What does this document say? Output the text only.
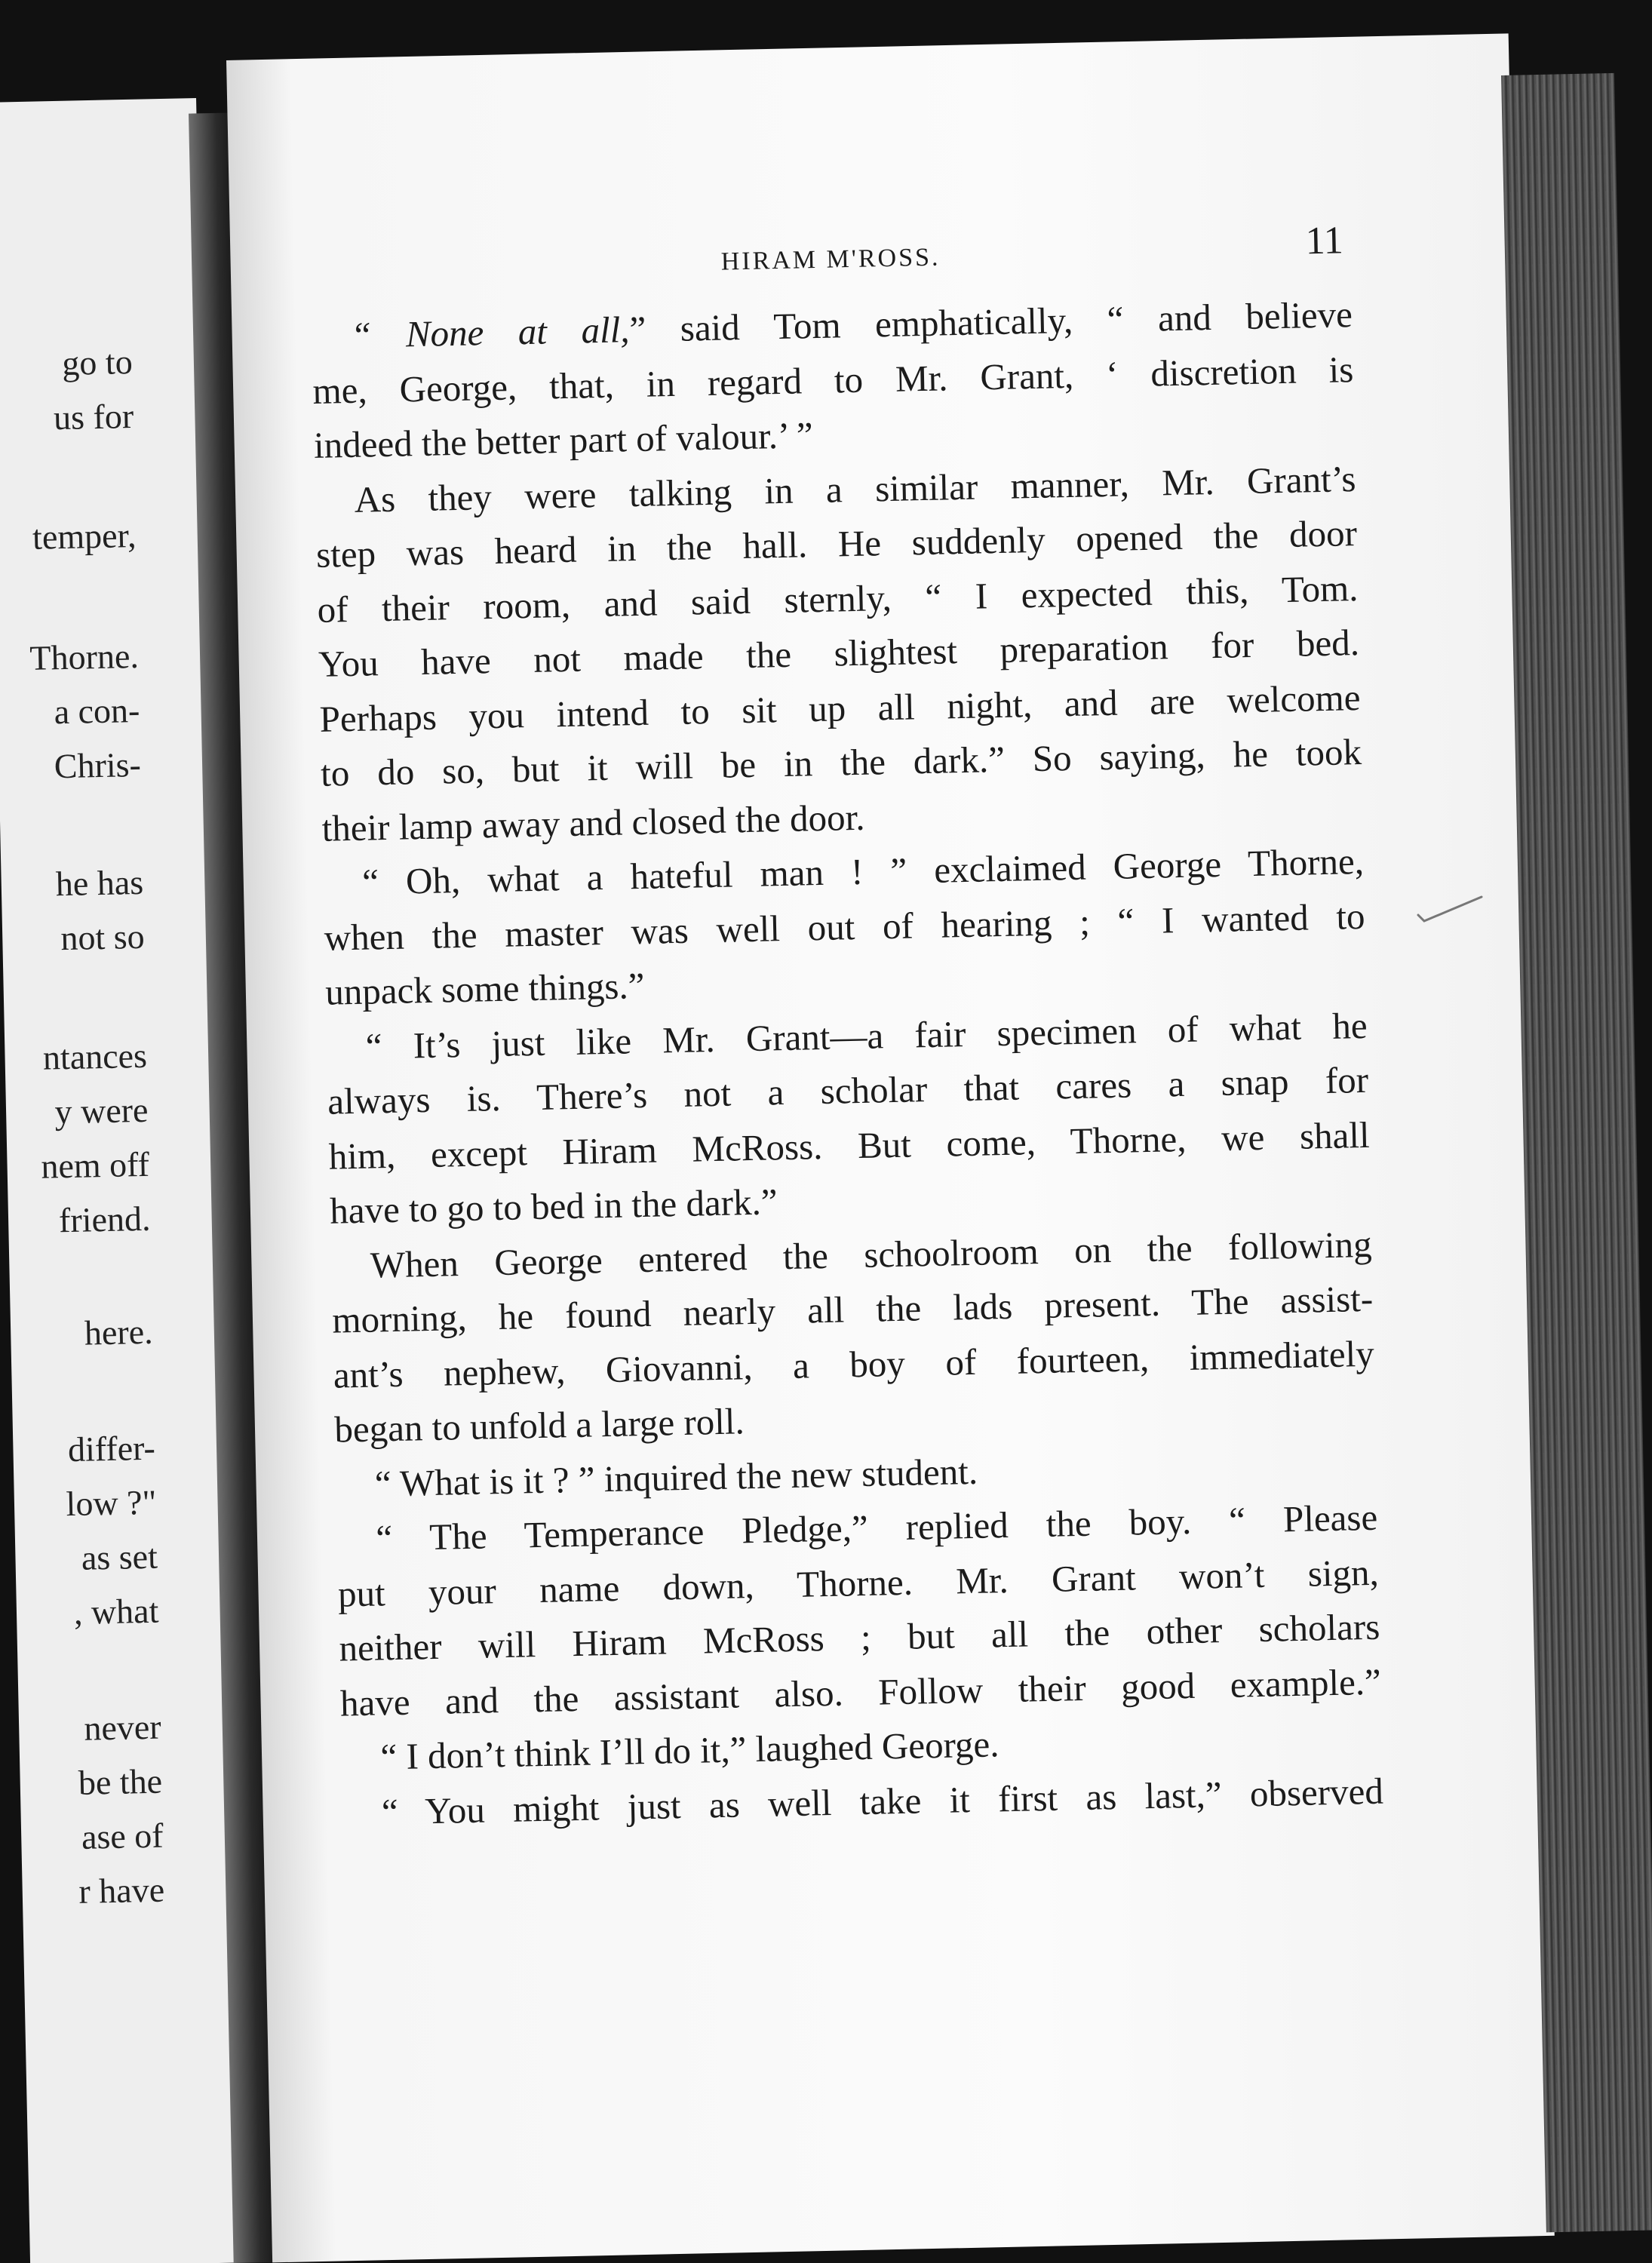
go to
us for
temper,
Thorne.
a con-
Chris-
he has
not so
ntances
y were
nem off
friend.
here.
differ-
low ?"
as set
, what
never
be the
ase of
r have
HIRAM M'ROSS.	11
“ None at all,” said Tom emphatically, “ and believe
me, George, that, in regard to Mr. Grant, ‘ discretion is
indeed the better part of valour.’ ”
As they were talking in a similar manner, Mr. Grant’s
step was heard in the hall. He suddenly opened the door
of their room, and said sternly, “ I expected this, Tom.
You have not made the slightest preparation for bed.
Perhaps you intend to sit up all night, and are welcome
to do so, but it will be in the dark.” So saying, he took
their lamp away and closed the door.
“ Oh, what a hateful man ! ” exclaimed George Thorne,
when the master was well out of hearing ; “ I wanted to
unpack some things.”
“ It’s just like Mr. Grant—a fair specimen of what he
always is. There’s not a scholar that cares a snap for
him, except Hiram McRoss. But come, Thorne, we shall
have to go to bed in the dark.”
When George entered the schoolroom on the following
morning, he found nearly all the lads present. The assist-
ant’s nephew, Giovanni, a boy of fourteen, immediately
began to unfold a large roll.
“ What is it ? ” inquired the new student.
“ The Temperance Pledge,” replied the boy. “ Please
put your name down, Thorne. Mr. Grant won’t sign,
neither will Hiram McRoss ; but all the other scholars
have and the assistant also. Follow their good example.”
“ I don’t think I’ll do it,” laughed George.
“ You might just as well take it first as last,” observed
